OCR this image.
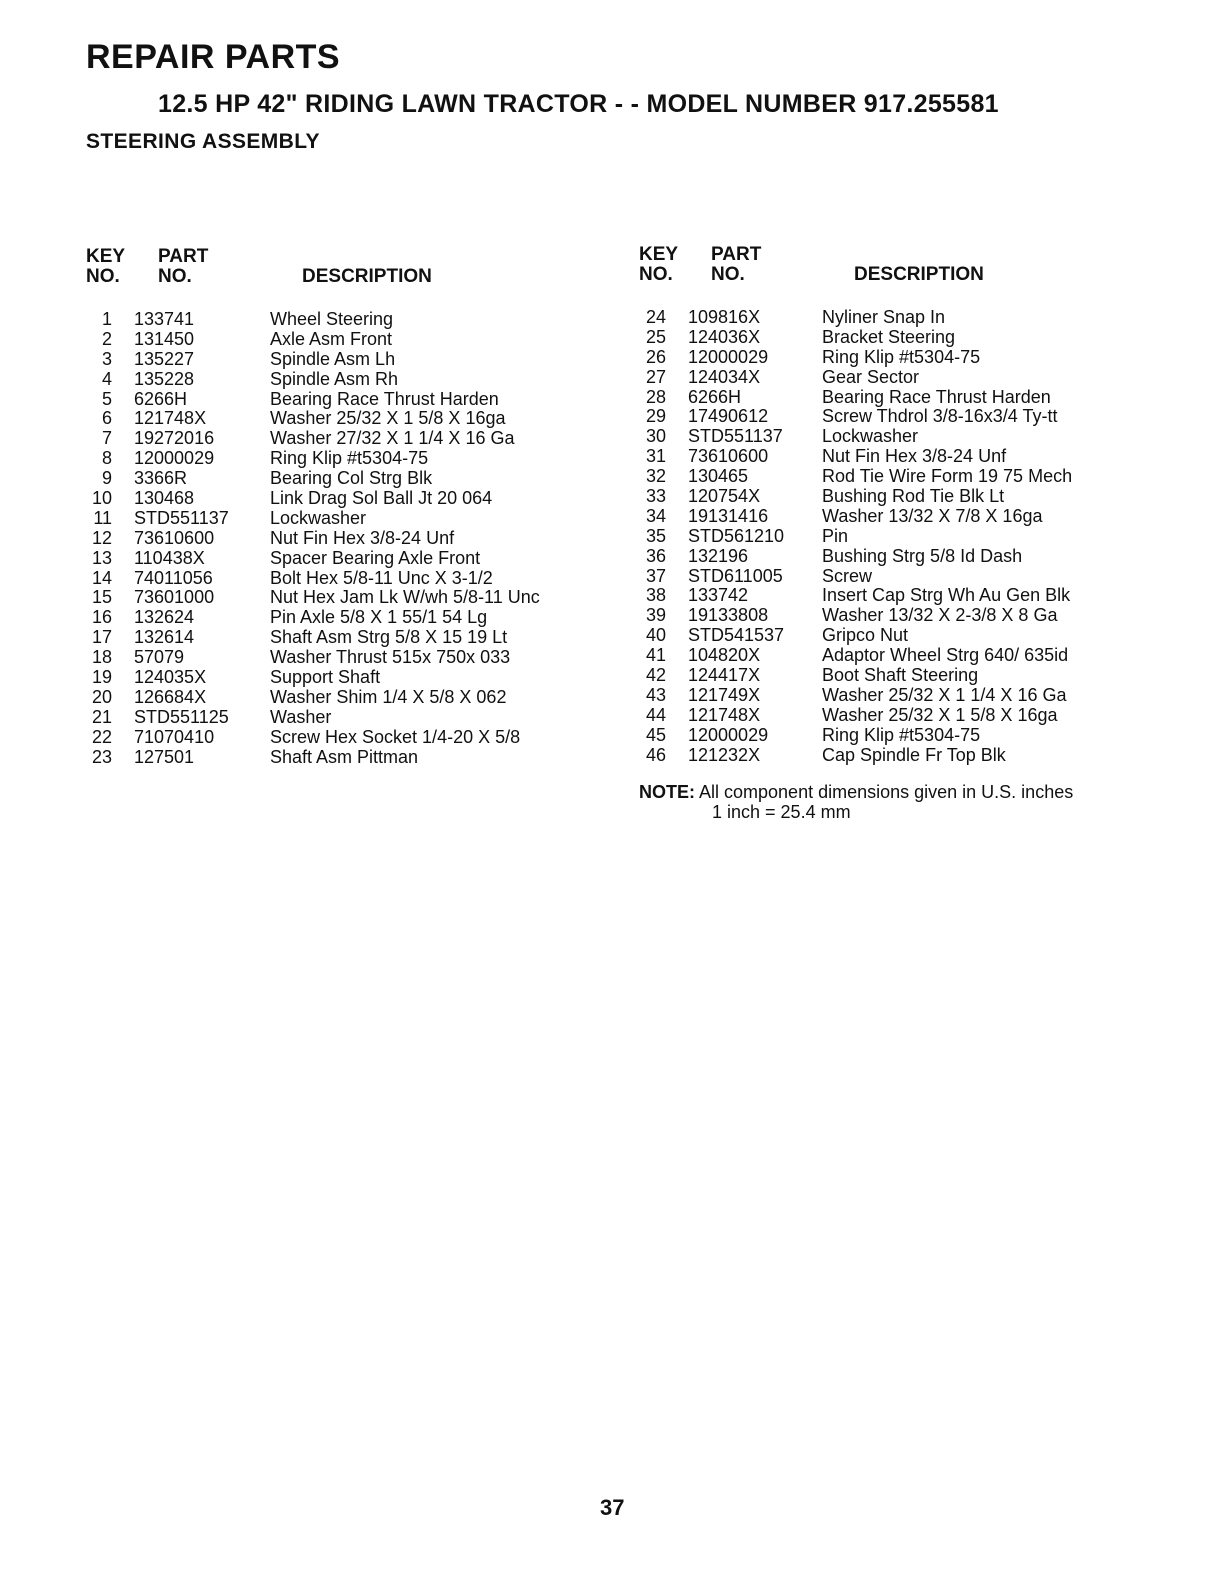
REPAIR PARTS
12.5 HP 42" RIDING LAWN TRACTOR - - MODEL NUMBER 917.255581
STEERING ASSEMBLY
KEY PART
NO. NO.	DESCRIPTION
1 133741	Wheel Steering
2 131450	Axle Asm Front
3 135227	Spindle Asm Lh
4 135228	Spindle Asm Rh
5 6266H	Bearing Race Thrust Harden
6 121748X	Washer 25/32 X 1 5/8 X 16ga
7 19272016	Washer 27/32 X 1 1/4 X 16 Ga
8 12000029	Ring Klip #t5304-75
9 3366R	Bearing Col Strg Blk
10 130468	Link Drag Sol Ball Jt 20 064
11 STD551137 Lockwasher
12 73610600	Nut Fin Hex 3/8-24 Unf
13 110438X	Spacer Bearing Axle Front
14 74011056	Bolt Hex 5/8-11 Unc X 3-1/2
15 73601000	Nut Hex Jam Lk W/wh 5/8-11 Unc
16 132624	Pin Axle 5/8 X 1 55/1 54 Lg
17 132614	Shaft Asm Strg 5/8 X 15 19 Lt
18 57079	Washer Thrust 515x 750x 033
19 124035X	Support Shaft
20 126684X	Washer Shim 1/4 X 5/8 X 062
21 STD551125 Washer
22 71070410	Screw Hex Socket 1/4-20 X 5/8
23 127501	Shaft Asm Pittman
KEY PART
NO. NO.	DESCRIPTION
24 109816X	Nyliner Snap In
25 124036X	Bracket Steering
26 12000029	Ring Klip #t5304-75
27 124034X	Gear Sector
28 6266H	Bearing Race Thrust Harden
29 17490612	Screw Thdrol 3/8-16x3/4 Ty-tt
30 STD551137 Lockwasher
31 73610600	Nut Fin Hex 3/8-24 Unf
32 130465	Rod Tie Wire Form 19 75 Mech
33 120754X	Bushing Rod Tie Blk Lt
34 19131416	Washer 13/32 X 7/8 X 16ga
35 STD561210 Pin
36 132196	Bushing Strg 5/8 Id Dash
37 STD611005 Screw
38 133742	Insert Cap Strg Wh Au Gen Blk
39 19133808	Washer 13/32 X 2-3/8 X 8 Ga
40 STD541537 Gripco Nut
41 104820X	Adaptor Wheel Strg 640/ 635id
42 124417X	Boot Shaft Steering
43 121749X	Washer 25/32 X 1 1/4 X 16 Ga
44 121748X	Washer 25/32 X 1 5/8 X 16ga
45 12000029	Ring Klip #t5304-75
46 121232X	Cap Spindle Fr Top Blk
NOTE: All component dimensions given in U.S. inches
1 inch = 25.4 mm
37
